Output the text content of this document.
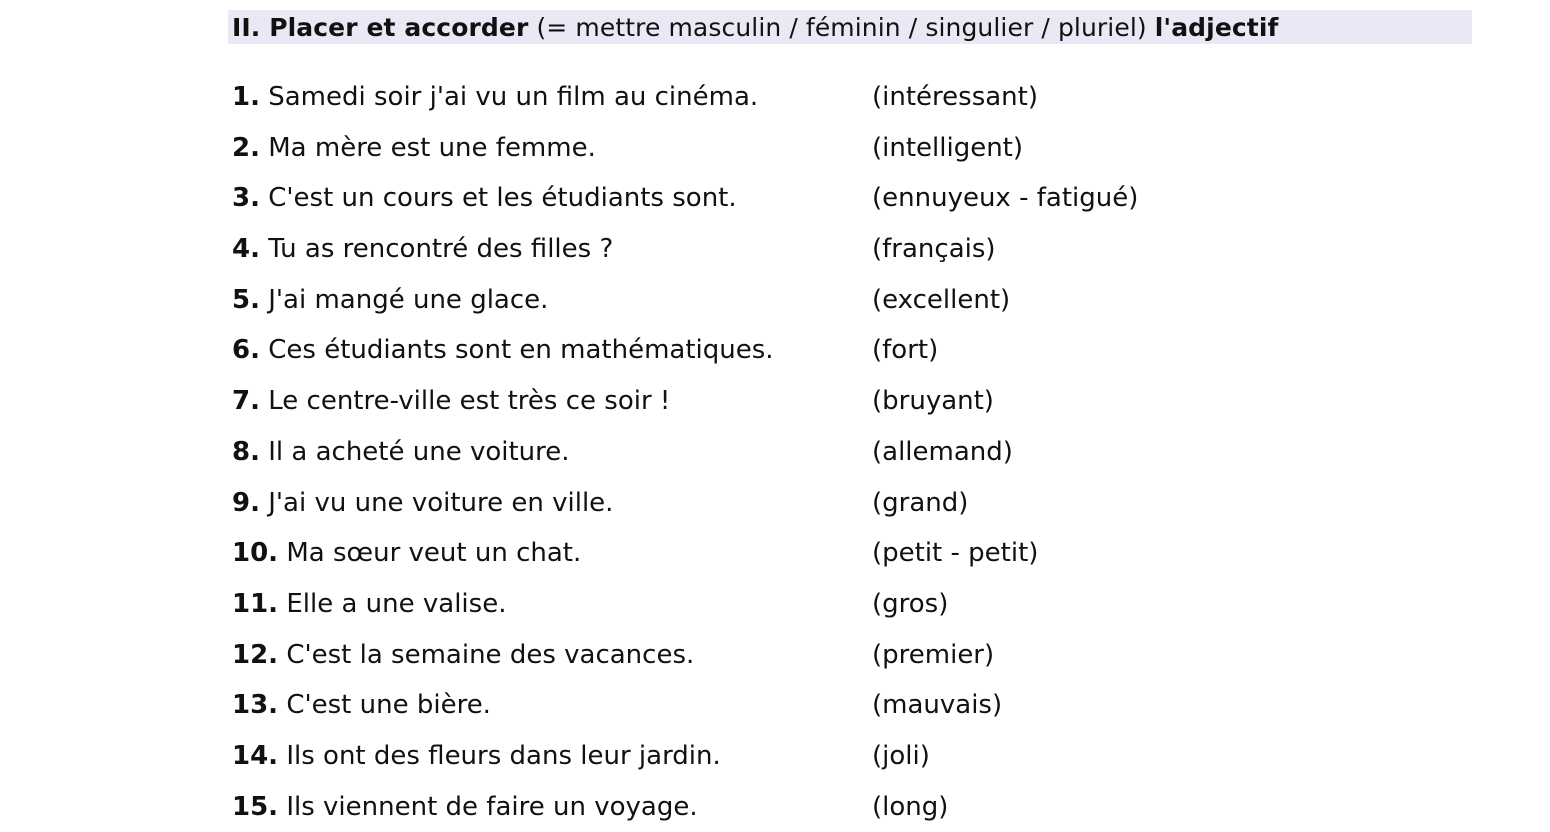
II. Placer et accorder
(= mettre masculin / féminin / singulier / pluriel)
l'adjectif
1. Samedi soir j'ai vu un film au cinéma.	(intéressant)
2. Ma mère est une femme.	(intelligent)
3. C'est un cours et les étudiants sont.	(ennuyeux - fatigué)
4. Tu as rencontré des filles ?	(français)
5. J'ai mangé une glace.	(excellent)
6. Ces étudiants sont en mathématiques.	(fort)
7. Le centre-ville est très ce soir !	(bruyant)
8. Il a acheté une voiture.	(allemand)
9. J'ai vu une voiture en ville.	(grand)
10. Ma sœur veut un chat.	(petit - petit)
11. Elle a une valise.	(gros)
12. C'est la semaine des vacances.	(premier)
13. C'est une bière.	(mauvais)
14. Ils ont des fleurs dans leur jardin.	(joli)
15. Ils viennent de faire un voyage.	(long)
